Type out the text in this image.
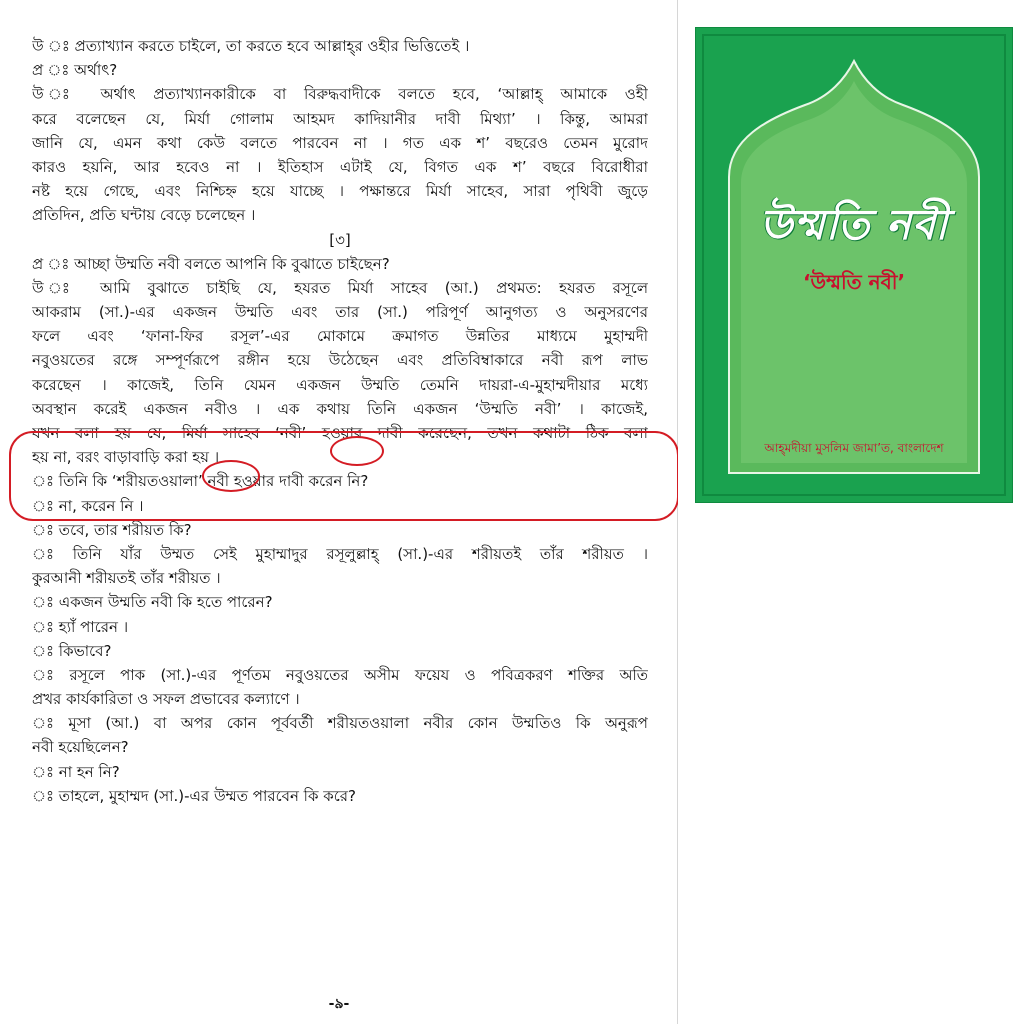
উ ঃ প্রত্যাখ্যান করতে চাইলে, তা করতে হবে আল্লাহ্‌র ওহীর ভিত্তিতেই ।
প্র ঃ অর্থাৎ?
উ ঃ অর্থাৎ প্রত্যাখ্যানকারীকে বা বিরুদ্ধবাদীকে বলতে হবে, ‘আল্লাহ্‌ আমাকে ওহী
করে বলেছেন যে, মির্যা গোলাম আহমদ কাদিয়ানীর দাবী মিথ্যা’ । কিন্তু, আমরা
জানি যে, এমন কথা কেউ বলতে পারবেন না । গত এক শ’ বছরেও তেমন মুরোদ
কারও হয়নি, আর হবেও না । ইতিহাস এটাই যে, বিগত এক শ’ বছরে বিরোধীরা
নষ্ট হয়ে গেছে, এবং নিশ্চিহ্ন হয়ে যাচ্ছে । পক্ষান্তরে মির্যা সাহেব, সারা পৃথিবী জুড়ে
প্রতিদিন, প্রতি ঘন্টায় বেড়ে চলেছেন ।
[৩]
প্র ঃ আচ্ছা উম্মতি নবী বলতে আপনি কি বুঝাতে চাইছেন?
উ ঃ আমি বুঝাতে চাইছি যে, হযরত মির্যা সাহেব (আ.) প্রথমত: হযরত রসূলে
আকরাম (সা.)-এর একজন উম্মতি এবং তার (সা.) পরিপূর্ণ আনুগত্য ও অনুসরণের
ফলে এবং ‘ফানা-ফির রসূল’-এর মোকামে ক্রমাগত উন্নতির মাধ্যমে মুহাম্মদী
নবুওয়তের রঙ্গে সম্পূর্ণরূপে রঙ্গীন হয়ে উঠেছেন এবং প্রতিবিম্বাকারে নবী রূপ লাভ
করেছেন । কাজেই, তিনি যেমন একজন উম্মতি তেমনি দায়রা-এ-মুহাম্মদীয়ার মধ্যে
অবস্থান করেই একজন নবীও । এক কথায় তিনি একজন ‘উম্মতি নবী’ । কাজেই,
যখন বলা হয় যে, মির্যা সাহেব ‘নবী’ হওয়ার দাবী করেছেন, তখন কথাটা ঠিক বলা
হয় না, বরং বাড়াবাড়ি করা হয় ।
ঃ তিনি কি ‘শরীয়তওয়ালা’ নবী হওয়ার দাবী করেন নি?
ঃ না, করেন নি ।
ঃ তবে, তার শরীয়ত কি?
ঃ তিনি যাঁর উম্মত সেই মুহাম্মাদুর রসূলুল্লাহ্‌ (সা.)-এর শরীয়তই তাঁর শরীয়ত ।
কুরআনী শরীয়তই তাঁর শরীয়ত ।
ঃ একজন উম্মতি নবী কি হতে পারেন?
ঃ হ্যাঁ পারেন ।
ঃ কিভাবে?
ঃ রসূলে পাক (সা.)-এর পূর্ণতম নবুওয়তের অসীম ফয়েয ও পবিত্রকরণ শক্তির অতি
প্রখর কার্যকারিতা ও সফল প্রভাবের কল্যাণে ।
ঃ মূসা (আ.) বা অপর কোন পূর্ববর্তী শরীয়তওয়ালা নবীর কোন উম্মতিও কি অনুরূপ
নবী হয়েছিলেন?
ঃ না হন নি?
ঃ তাহলে, মুহাম্মদ (সা.)-এর উম্মত পারবেন কি করে?
-৯-
উম্মতি নবী
‘উম্মতি নবী’
আহ্‌মদীয়া মুসলিম জামা’ত, বাংলাদেশ
